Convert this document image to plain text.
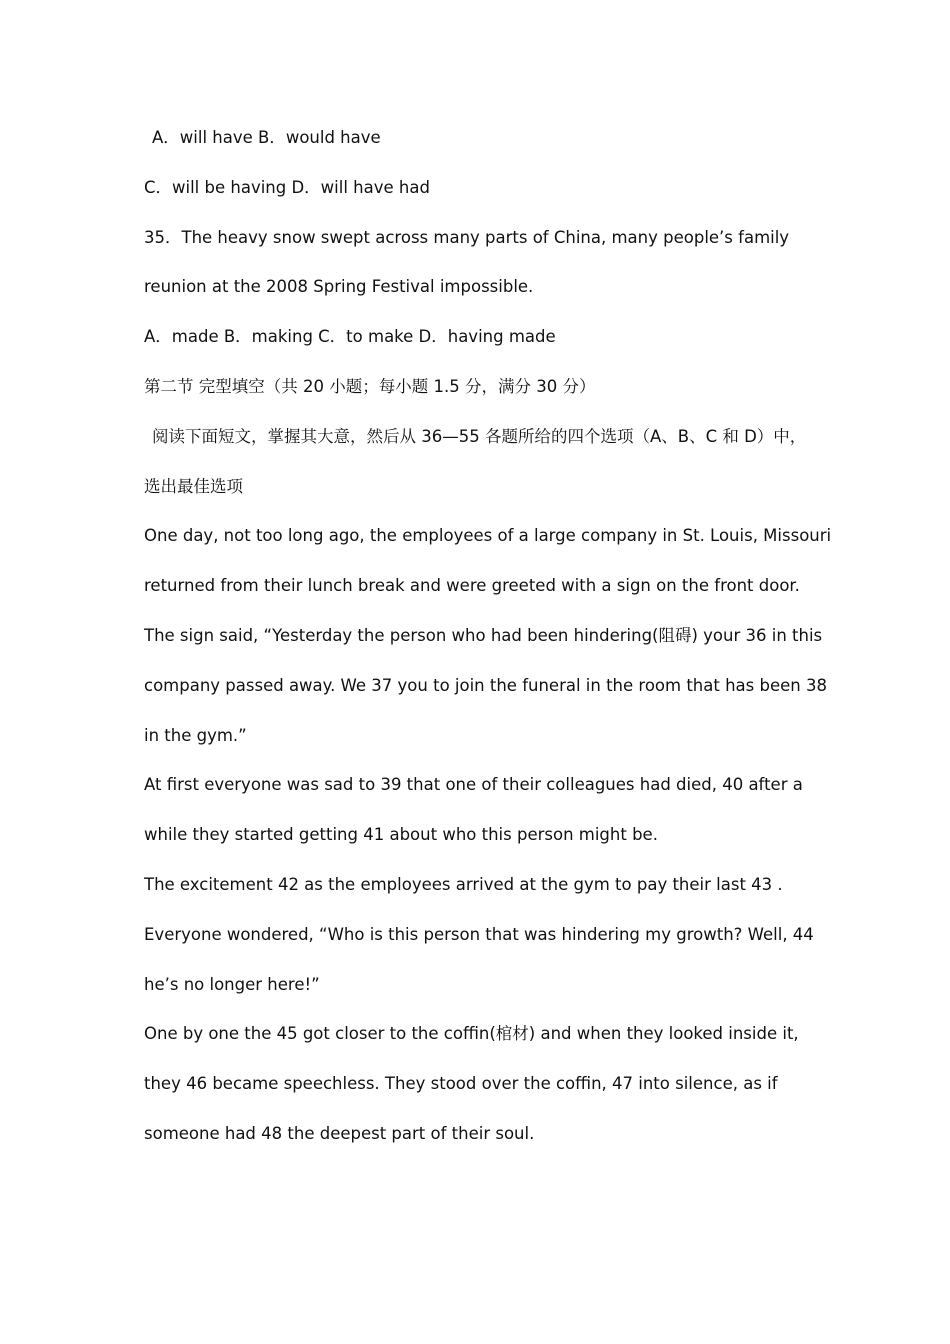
A．will have B．would have
C．will be having D．will have had
35．The heavy snow swept across many parts of China, many people’s family
reunion at the 2008 Spring Festival impossible.
A．made B．making C．to make D．having made
第二节 完型填空（共 20 小题；每小题 1.5 分，满分 30 分）
阅读下面短文，掌握其大意，然后从 36—55 各题所给的四个选项（A、B、C 和 D）中，
选出最佳选项
One day, not too long ago, the employees of a large company in St. Louis, Missouri
returned from their lunch break and were greeted with a sign on the front door.
The sign said, “Yesterday the person who had been hindering(阻碍) your 36 in this
company passed away. We 37 you to join the funeral in the room that has been 38
in the gym.”
At first everyone was sad to 39 that one of their colleagues had died, 40 after a
while they started getting 41 about who this person might be.
The excitement 42 as the employees arrived at the gym to pay their last 43 .
Everyone wondered, “Who is this person that was hindering my growth? Well, 44
he’s no longer here!”
One by one the 45 got closer to the coffin(棺材) and when they looked inside it,
they 46 became speechless. They stood over the coffin, 47 into silence, as if
someone had 48 the deepest part of their soul.
